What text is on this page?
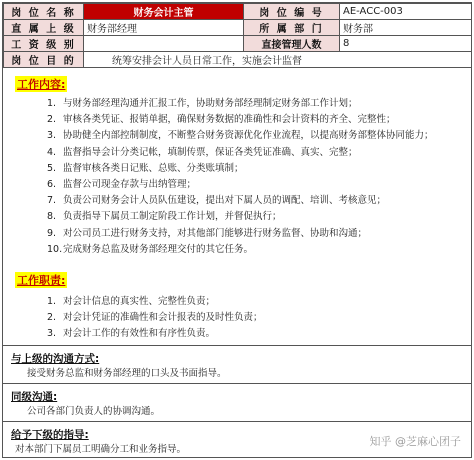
岗 位 名 称	财务会计主管	岗 位 编 号	AE-ACC-003
直 属 上 级	财务部经理	所 属 部 门	财务部
工 资 级 别		直接管理人数	8
岗 位 目 的	统筹安排会计人员日常工作，实施会计监督		
工作内容:
1. 与财务部经理沟通并汇报工作，协助财务部经理制定财务部工作计划；
2. 审核各类凭证、报销单据，确保财务数据的准确性和会计资料的齐全、完整性；
3. 协助健全内部控制制度，不断整合财务资源优化作业流程，以提高财务部整体协同能力；
4. 监督指导会计分类记帐，填制传票，保证各类凭证准确、真实、完整；
5. 监督审核各类日记账、总账、分类账填制；
6. 监督公司现金存款与出纳管理；
7. 负责公司财务会计人员队伍建设，提出对下属人员的调配、培训、考核意见；
8. 负责指导下属员工制定阶段工作计划，并督促执行；
9. 对公司员工进行财务支持，对其他部门能够进行财务监督、协助和沟通；
10. 完成财务总监及财务部经理交付的其它任务。
工作职责:
1. 对会计信息的真实性、完整性负责；
2. 对会计凭证的准确性和会计报表的及时性负责；
3. 对会计工作的有效性和有序性负责。
与上级的沟通方式:
接受财务总监和财务部经理的口头及书面指导。
同级沟通:
公司各部门负责人的协调沟通。
给予下级的指导:
对本部门下属员工明确分工和业务指导。
知乎 @芝麻心团子
